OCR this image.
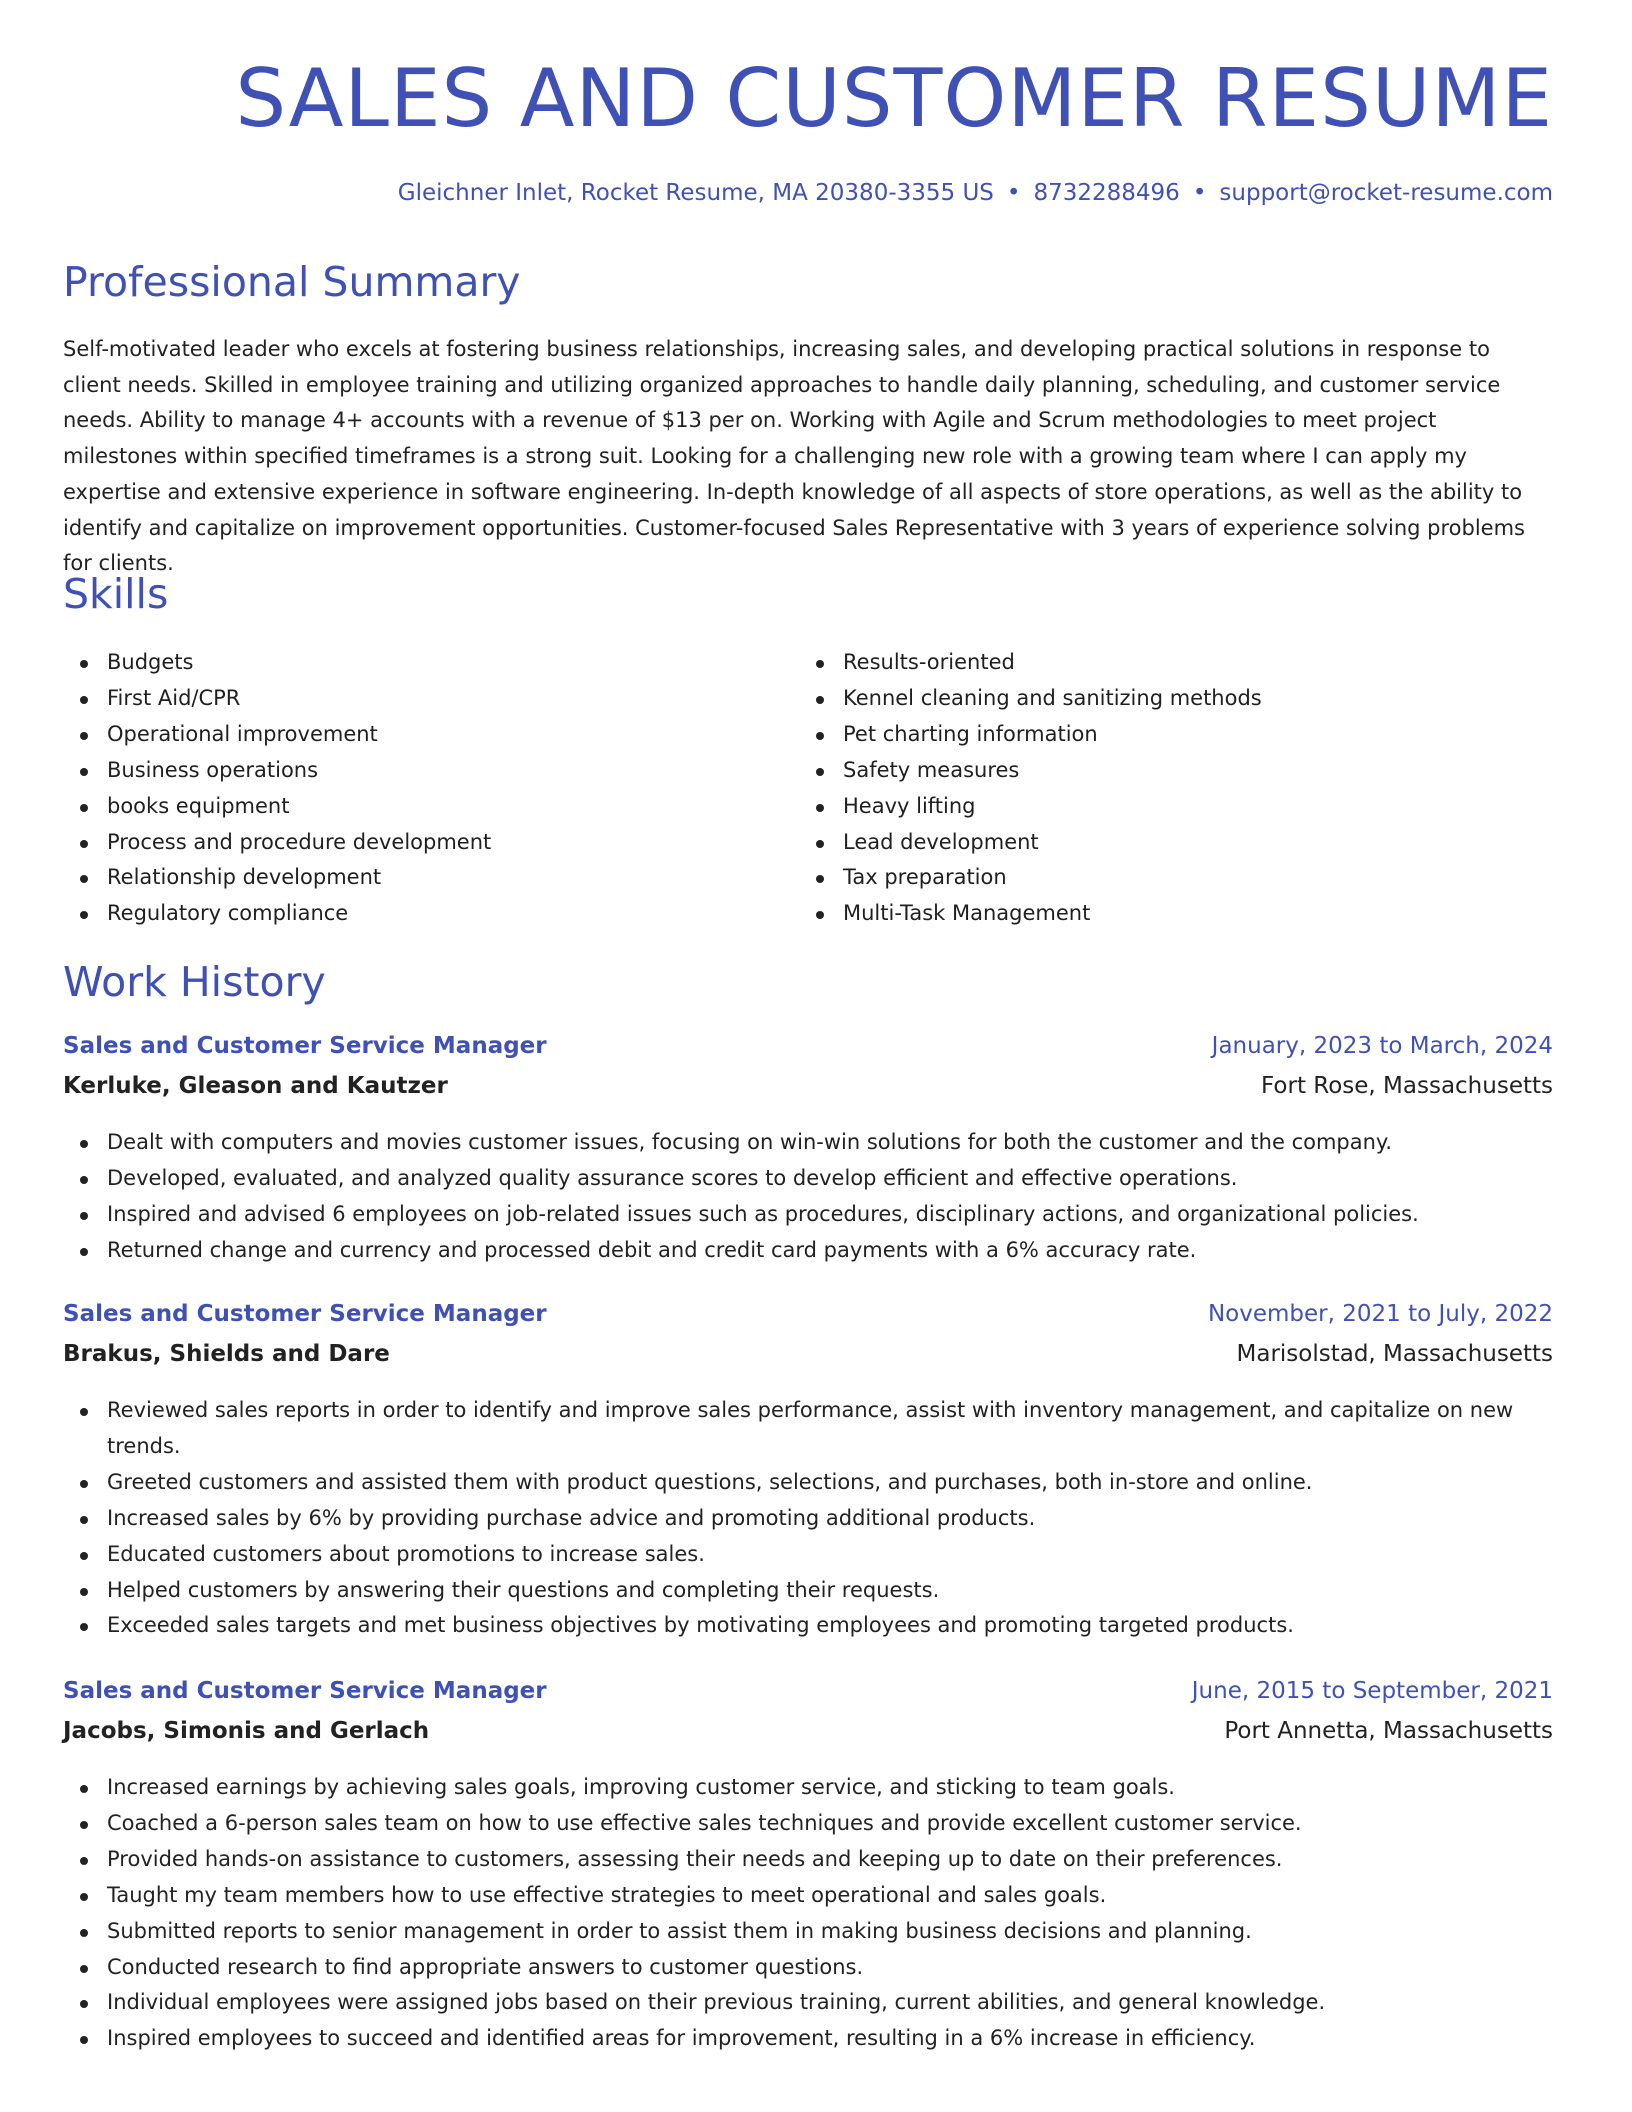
SALES AND CUSTOMER RESUME
Gleichner Inlet, Rocket Resume, MA 20380-3355 US • 8732288496 • support@rocket-resume.com
Professional Summary

Self-motivated leader who excels at fostering business relationships, increasing sales, and developing practical solutions in response to client needs. Skilled in employee training and utilizing organized approaches to handle daily planning, scheduling, and customer service needs. Ability to manage 4+ accounts with a revenue of $13 per on. Working with Agile and Scrum methodologies to meet project milestones within specified timeframes is a strong suit. Looking for a challenging new role with a growing team where I can apply my expertise and extensive experience in software engineering. In-depth knowledge of all aspects of store operations, as well as the ability to identify and capitalize on improvement opportunities. Customer-focused Sales Representative with 3 years of experience solving problems for clients.

Skills
Budgets
First Aid/CPR
Operational improvement
Business operations
books equipment
Process and procedure development
Relationship development
Regulatory compliance
Results-oriented
Kennel cleaning and sanitizing methods
Pet charting information
Safety measures
Heavy lifting
Lead development
Tax preparation
Multi-Task Management
Work History
Sales and Customer Service Manager	January, 2023 to March, 2024
Kerluke, Gleason and Kautzer	Fort Rose, Massachusetts
Dealt with computers and movies customer issues, focusing on win-win solutions for both the customer and the company.
Developed, evaluated, and analyzed quality assurance scores to develop efficient and effective operations.
Inspired and advised 6 employees on job-related issues such as procedures, disciplinary actions, and organizational policies.
Returned change and currency and processed debit and credit card payments with a 6% accuracy rate.
Sales and Customer Service Manager	November, 2021 to July, 2022
Brakus, Shields and Dare	Marisolstad, Massachusetts
Reviewed sales reports in order to identify and improve sales performance, assist with inventory management, and capitalize on new trends.
Greeted customers and assisted them with product questions, selections, and purchases, both in-store and online.
Increased sales by 6% by providing purchase advice and promoting additional products.
Educated customers about promotions to increase sales.
Helped customers by answering their questions and completing their requests.
Exceeded sales targets and met business objectives by motivating employees and promoting targeted products.
Sales and Customer Service Manager	June, 2015 to September, 2021
Jacobs, Simonis and Gerlach	Port Annetta, Massachusetts
Increased earnings by achieving sales goals, improving customer service, and sticking to team goals.
Coached a 6-person sales team on how to use effective sales techniques and provide excellent customer service.
Provided hands-on assistance to customers, assessing their needs and keeping up to date on their preferences.
Taught my team members how to use effective strategies to meet operational and sales goals.
Submitted reports to senior management in order to assist them in making business decisions and planning.
Conducted research to find appropriate answers to customer questions.
Individual employees were assigned jobs based on their previous training, current abilities, and general knowledge.
Inspired employees to succeed and identified areas for improvement, resulting in a 6% increase in efficiency.
